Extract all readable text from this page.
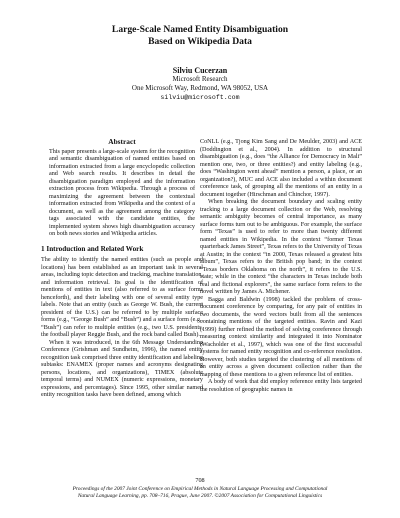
Large-Scale Named Entity Disambiguation
Based on Wikipedia Data
Silviu Cucerzan
Microsoft Research
One Microsoft Way, Redmond, WA 98052, USA
silviu@microsoft.com
Abstract

This paper presents a large-scale system for the recognition and semantic disambiguation of named entities based on information extracted from a large encyclopedic collection and Web search results. It describes in detail the disambiguation paradigm employed and the information extraction process from Wikipedia. Through a process of maximizing the agreement between the contextual information extracted from Wikipedia and the context of a document, as well as the agreement among the category tags associated with the candidate entities, the implemented system shows high disambiguation accuracy on both news stories and Wikipedia articles.

1 Introduction and Related Work

The ability to identify the named entities (such as people and locations) has been established as an important task in several areas, including topic detection and tracking, machine translation, and information retrieval. Its goal is the identification of mentions of entities in text (also referred to as surface forms henceforth), and their labeling with one of several entity type labels. Note that an entity (such as George W. Bush, the current president of the U.S.) can be referred to by multiple surface forms (e.g., “George Bush” and “Bush”) and a surface form (e.g., “Bush”) can refer to multiple entities (e.g., two U.S. presidents, the football player Reggie Bush, and the rock band called Bush).

When it was introduced, in the 6th Message Understanding Conference (Grishman and Sundheim, 1996), the named entity recognition task comprised three entity identification and labeling subtasks: ENAMEX (proper names and acronyms designating persons, locations, and organizations), TIMEX (absolute temporal terms) and NUMEX (numeric expressions, monetary expressions, and percentages). Since 1995, other similar named entity recognition tasks have been defined, among which

CoNLL (e.g., Tjong Kim Sang and De Meulder, 2003) and ACE (Doddington et al., 2004). In addition to structural disambiguation (e.g., does “the Alliance for Democracy in Mali” mention one, two, or three entities?) and entity labeling (e.g., does “Washington went ahead” mention a person, a place, or an organization?), MUC and ACE also included a within document coreference task, of grouping all the mentions of an entity in a document together (Hirschman and Chinchor, 1997).

When breaking the document boundary and scaling entity tracking to a large document collection or the Web, resolving semantic ambiguity becomes of central importance, as many surface forms turn out to be ambiguous. For example, the surface form “Texas” is used to refer to more than twenty different named entities in Wikipedia. In the context “former Texas quarterback James Street”, Texas refers to the University of Texas at Austin; in the context “in 2000, Texas released a greatest hits album”, Texas refers to the British pop band; in the context “Texas borders Oklahoma on the north”, it refers to the U.S. state; while in the context “the characters in Texas include both real and fictional explorers”, the same surface form refers to the novel written by James A. Michener.

Bagga and Baldwin (1998) tackled the problem of cross-document coreference by comparing, for any pair of entities in two documents, the word vectors built from all the sentences containing mentions of the targeted entities. Ravin and Kazi (1999) further refined the method of solving coreference through measuring context similarity and integrated it into Nominator (Wacholder et al., 1997), which was one of the first successful systems for named entity recognition and co-reference resolution. However, both studies targeted the clustering of all mentions of an entity across a given document collection rather than the mapping of these mentions to a given reference list of entities.

A body of work that did employ reference entity lists targeted the resolution of geographic names in

708
Proceedings of the 2007 Joint Conference on Empirical Methods in Natural Language Processing and Computational
Natural Language Learning, pp. 708–716, Prague, June 2007. ©2007 Association for Computational Linguistics
